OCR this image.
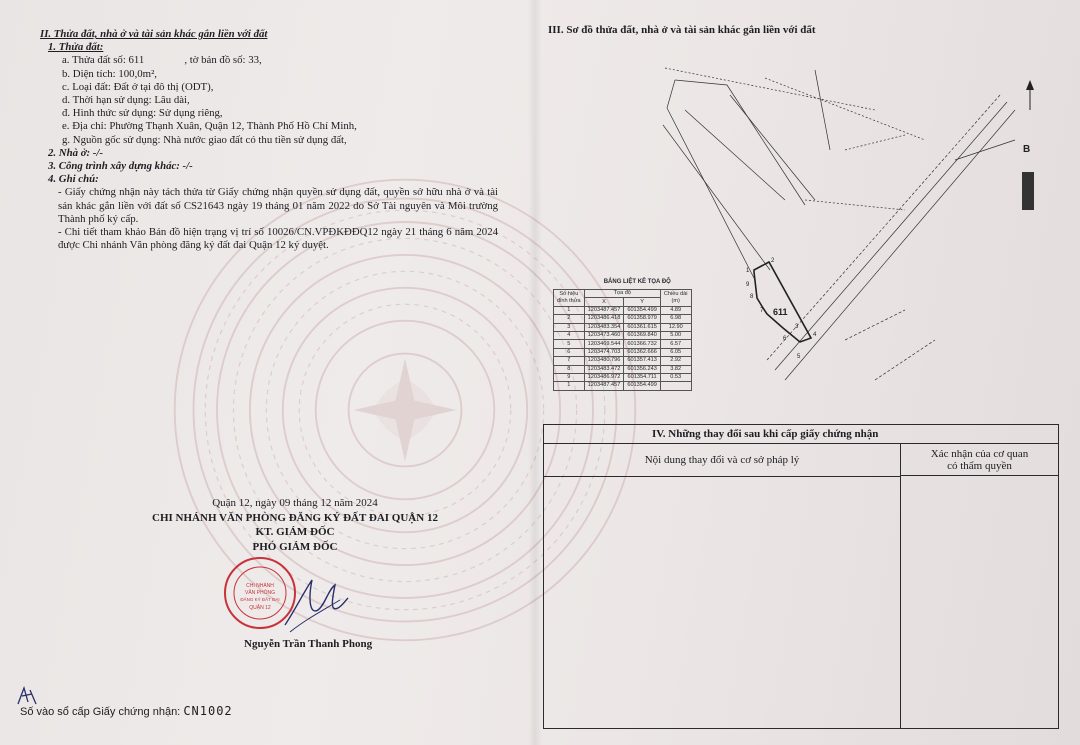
II. Thửa đất, nhà ở và tài sản khác gắn liền với đất
1. Thửa đất:
a. Thửa đất số: 611	, tờ bản đồ số: 33,
b. Diện tích: 100,0m²,
c. Loại đất: Đất ở tại đô thị (ODT),
d. Thời hạn sử dụng: Lâu dài,
đ. Hình thức sử dụng: Sử dụng riêng,
e. Địa chỉ: Phường Thạnh Xuân, Quận 12, Thành Phố Hồ Chí Minh,
g. Nguồn gốc sử dụng: Nhà nước giao đất có thu tiền sử dụng đất,
2. Nhà ở: -/-
3. Công trình xây dựng khác: -/-
4. Ghi chú:
- Giấy chứng nhận này tách thửa từ Giấy chứng nhận quyền sử dụng đất, quyền sở hữu nhà ở và tài sản khác gắn liền với đất số CS21643 ngày 19 tháng 01 năm 2022 do Sở Tài nguyên và Môi trường Thành phố ký cấp.
- Chi tiết tham khảo Bản đồ hiện trạng vị trí số 10026/CN.VPĐKĐĐQ12 ngày 21 tháng 6 năm 2024 được Chi nhánh Văn phòng đăng ký đất đai Quận 12 ký duyệt.
III. Sơ đồ thửa đất, nhà ở và tài sản khác gắn liền với đất
611
1
2
3
4
5
6
7
8
9
B
BẢNG LIỆT KÊ TỌA ĐỘ
Số hiệu
đỉnh thửa	Tọa độ		Chiều dài
(m)
	X	Y	
1	1203487.457	601354.499	4.89
2	1203486.418	601358.979	6.98
3	1203483.354	601361.615	12.90
4	1203473.460	601369.840	5.00
5	1203469.544	601366.732	6.57
6	1203474.703	601362.666	6.05
7	1203480.796	601357.413	2.92
8	1203483.472	601356.243	3.82
9	1203486.972	601354.711	0.53
1	1203487.457	601354.499	
IV. Những thay đổi sau khi cấp giấy chứng nhận
Nội dung thay đổi và cơ sở pháp lý	Xác nhận của cơ quan
có thẩm quyền
Quận 12, ngày 09 tháng 12 năm 2024
CHI NHÁNH VĂN PHÒNG ĐĂNG KÝ ĐẤT ĐAI QUẬN 12
KT. GIÁM ĐỐC
PHÓ GIÁM ĐỐC
CHI NHÁNH
VĂN PHÒNG
ĐĂNG KÝ ĐẤT ĐAI
QUẬN 12
Nguyễn Trần Thanh Phong
Số vào sổ cấp Giấy chứng nhận: CN1002
